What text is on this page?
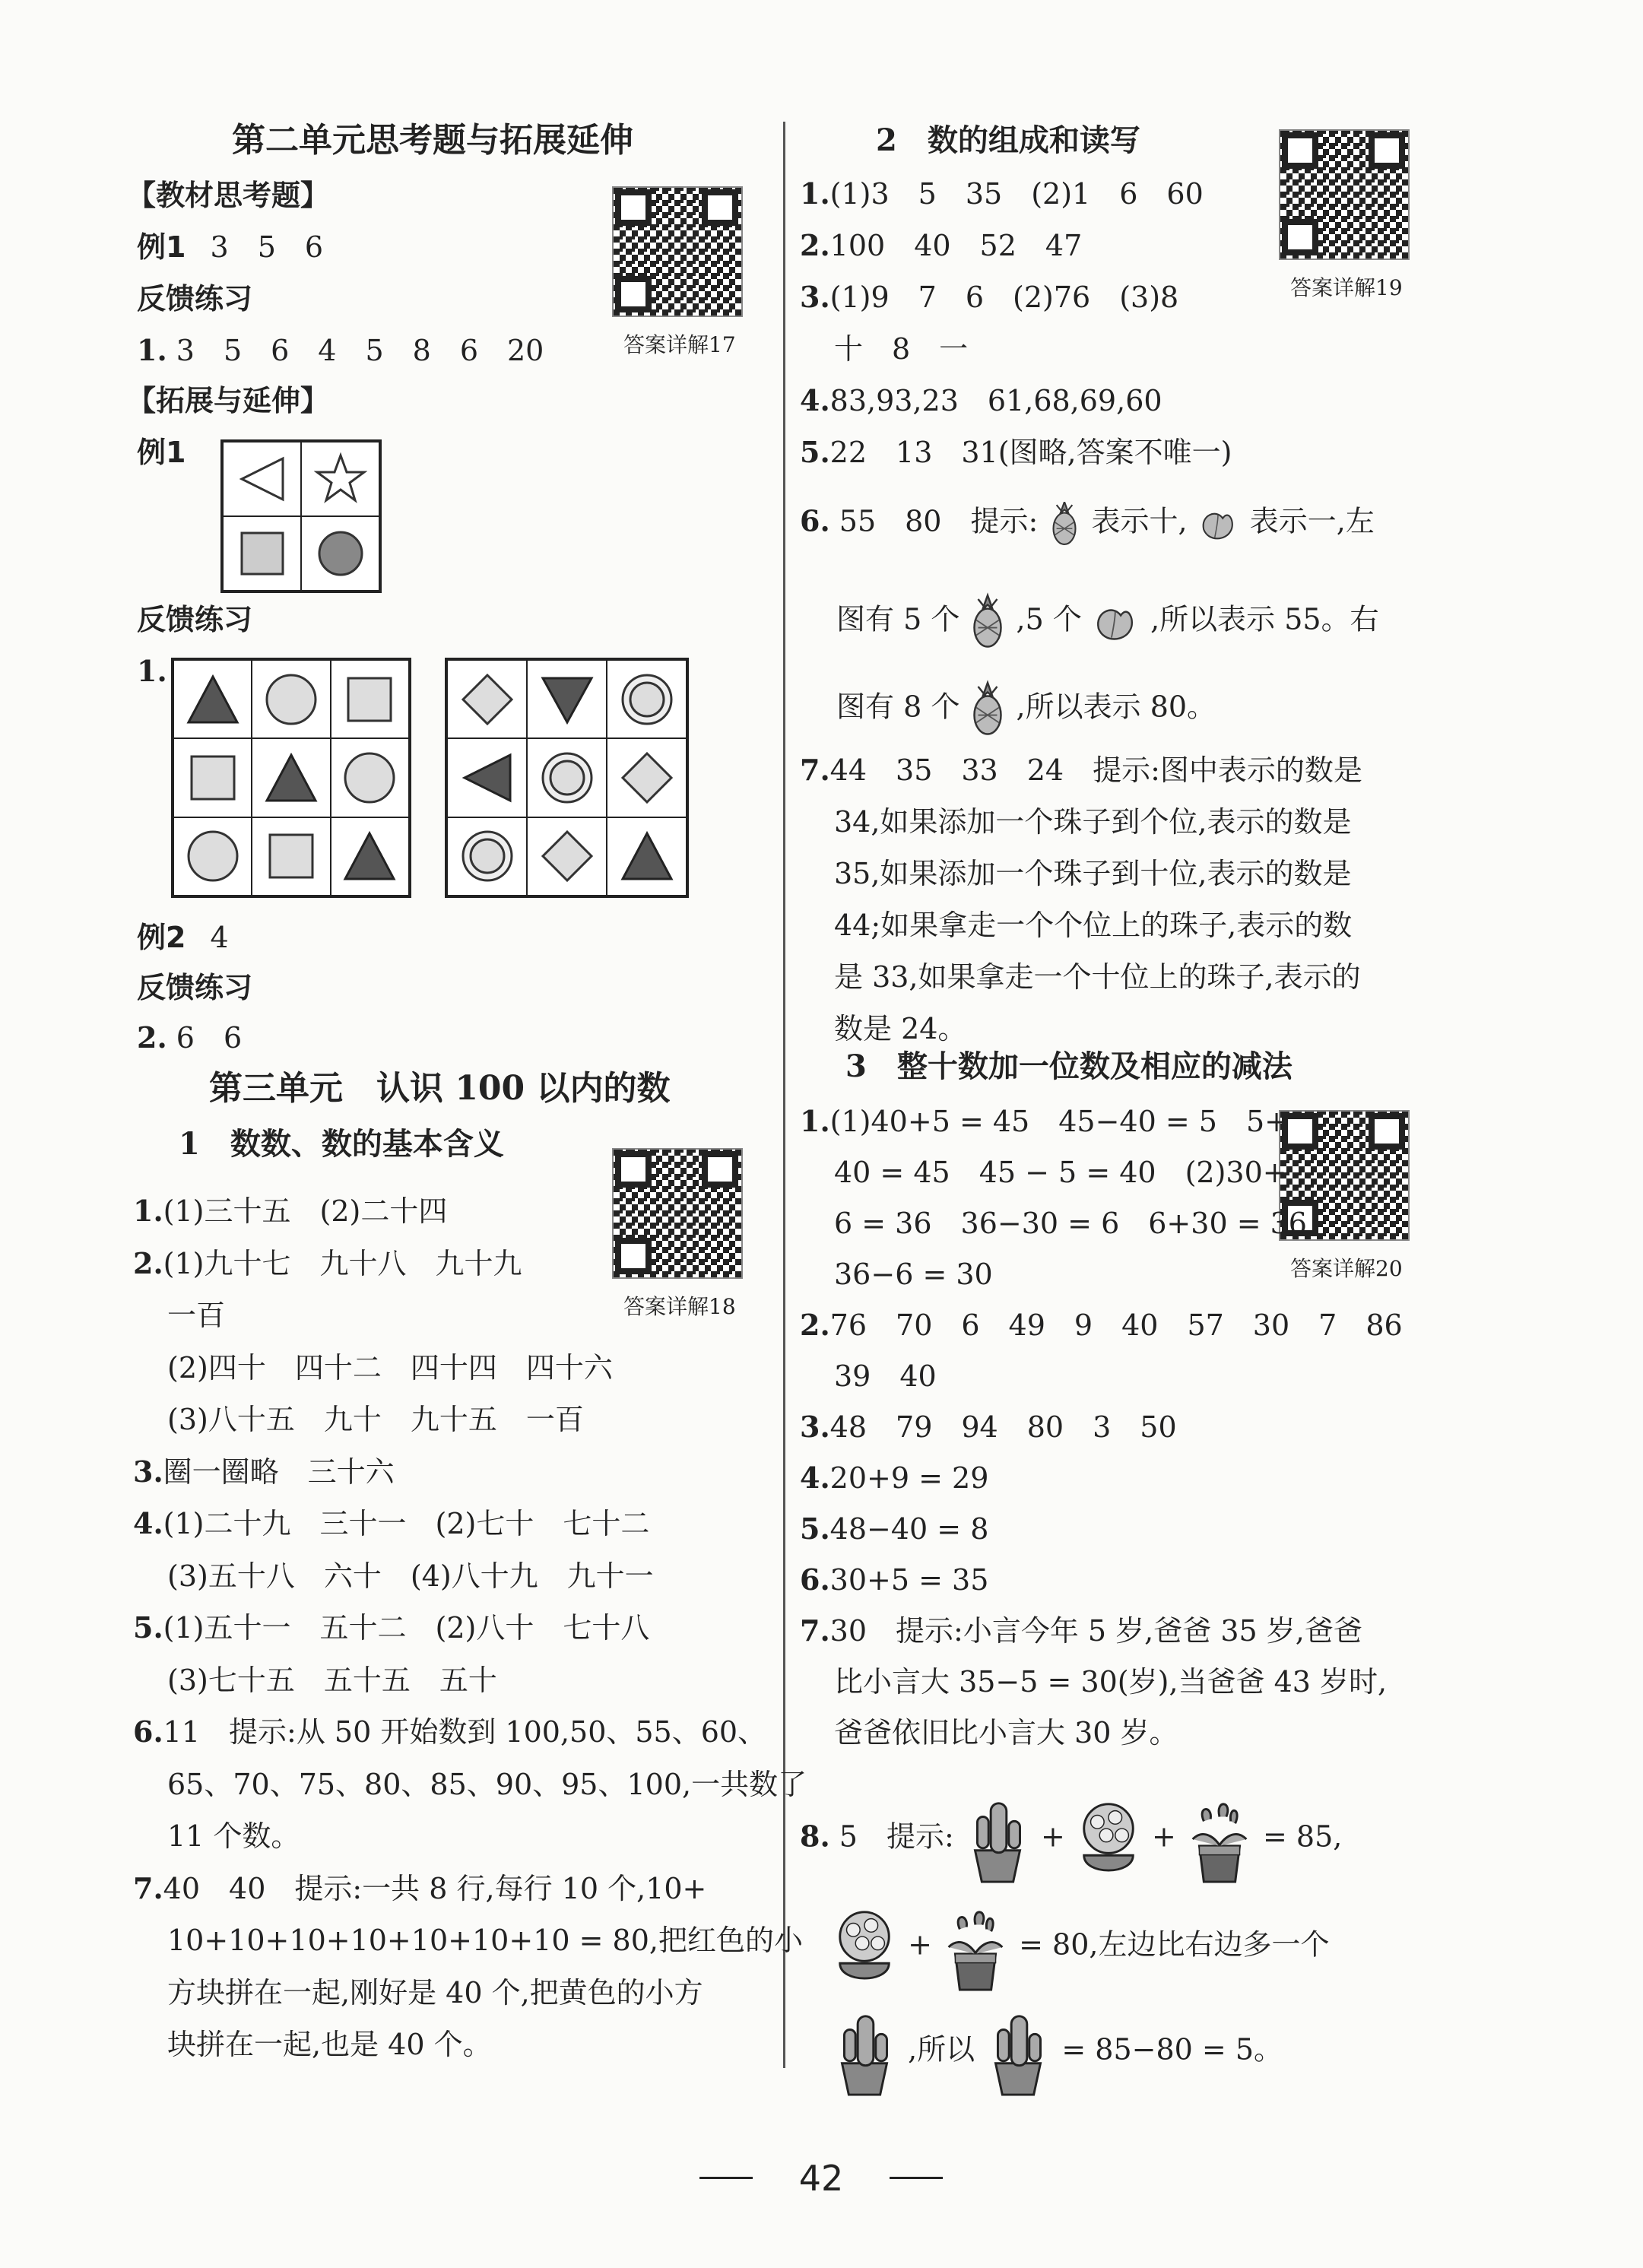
第二单元思考题与拓展延伸
【教材思考题】
例1 3　5　6
反馈练习
1. 3　5　6　4　5　8　6　20	答案详解17
【拓展与延伸】
例1
反馈练习
1.
例2 4
反馈练习
2. 6　6
第三单元　认识 100 以内的数
1　数数、数的基本含义
答案详解18
1.(1)三十五　(2)二十四
2.(1)九十七　九十八　九十九
一百
(2)四十　四十二　四十四　四十六
(3)八十五　九十　九十五　一百
3.圈一圈略　三十六
4.(1)二十九　三十一　(2)七十　七十二
(3)五十八　六十　(4)八十九　九十一
5.(1)五十一　五十二　(2)八十　七十八
(3)七十五　五十五　五十
6.11　提示:从 50 开始数到 100,50、55、60、
65、70、75、80、85、90、95、100,一共数了
11 个数。
7.40　40　提示:一共 8 行,每行 10 个,10+
10+10+10+10+10+10+10 = 80,把红色的小
方块拼在一起,刚好是 40 个,把黄色的小方
块拼在一起,也是 40 个。
2　数的组成和读写
答案详解19
1.(1)3　5　35　(2)1　6　60
2.100　40　52　47
3.(1)9　7　6　(2)76　(3)8
十　8　一
4.83,93,23　61,68,69,60
5.22　13　31(图略,答案不唯一)
6. 55　80　提示: 表示十, 表示一,左
图有 5 个 ,5 个 ,所以表示 55。右
图有 8 个 ,所以表示 80。
7.44　35　33　24　提示:图中表示的数是
34,如果添加一个珠子到个位,表示的数是
35,如果添加一个珠子到十位,表示的数是
44;如果拿走一个个位上的珠子,表示的数
是 33,如果拿走一个十位上的珠子,表示的
数是 24。
3　整十数加一位数及相应的减法
答案详解20
1.(1)40+5 = 45　45−40 = 5　5+
40 = 45　45 − 5 = 40　(2)30+
6 = 36　36−30 = 6　6+30 = 36
36−6 = 30
2.76　70　6　49　9　40　57　30　7　86
39　40
3.48　79　94　80　3　50
4.20+9 = 29
5.48−40 = 8
6.30+5 = 35
7.30　提示:小言今年 5 岁,爸爸 35 岁,爸爸
比小言大 35−5 = 30(岁),当爸爸 43 岁时,
爸爸依旧比小言大 30 岁。
8. 5　提示:	+	+	= 85,
+	= 80,左边比右边多一个
,所以	= 85−80 = 5。
42
